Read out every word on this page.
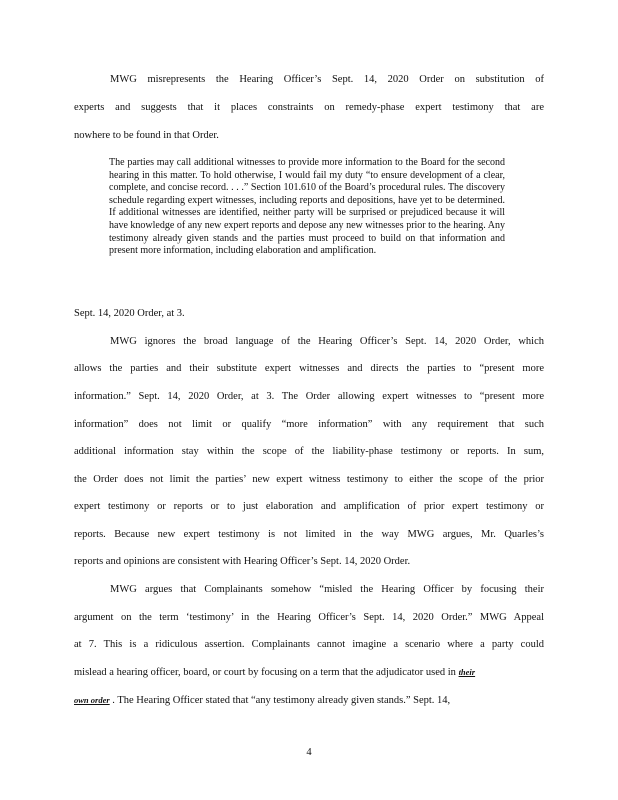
MWG misrepresents the Hearing Officer’s Sept. 14, 2020 Order on substitution of
experts and suggests that it places constraints on remedy-phase expert testimony that are
nowhere to be found in that Order.

The parties may call additional witnesses to provide more information to the Board for the second hearing in this matter. To hold otherwise, I would fail my duty “to ensure development of a clear, complete, and concise record. . . .” Section 101.610 of the Board’s procedural rules. The discovery schedule regarding expert witnesses, including reports and depositions, have yet to be determined. If additional witnesses are identified, neither party will be surprised or prejudiced because it will have knowledge of any new expert reports and depose any new witnesses prior to the hearing. Any testimony already given stands and the parties must proceed to build on that information and present more information, including elaboration and amplification.

Sept. 14, 2020 Order, at 3.
MWG ignores the broad language of the Hearing Officer’s Sept. 14, 2020 Order, which
allows the parties and their substitute expert witnesses and directs the parties to “present more
information.” Sept. 14, 2020 Order, at 3. The Order allowing expert witnesses to “present more
information” does not limit or qualify “more information” with any requirement that such
additional information stay within the scope of the liability-phase testimony or reports. In sum,
the Order does not limit the parties’ new expert witness testimony to either the scope of the prior
expert testimony or reports or to just elaboration and amplification of prior expert testimony or
reports. Because new expert testimony is not limited in the way MWG argues, Mr. Quarles’s
reports and opinions are consistent with Hearing Officer’s Sept. 14, 2020 Order.
MWG argues that Complainants somehow “misled the Hearing Officer by focusing their
argument on the term ‘testimony’ in the Hearing Officer’s Sept. 14, 2020 Order.” MWG Appeal
at 7. This is a ridiculous assertion. Complainants cannot imagine a scenario where a party could
mislead a hearing officer, board, or court by focusing on a term that the adjudicator used in their
own order . The Hearing Officer stated that “any testimony already given stands.” Sept. 14,
4
